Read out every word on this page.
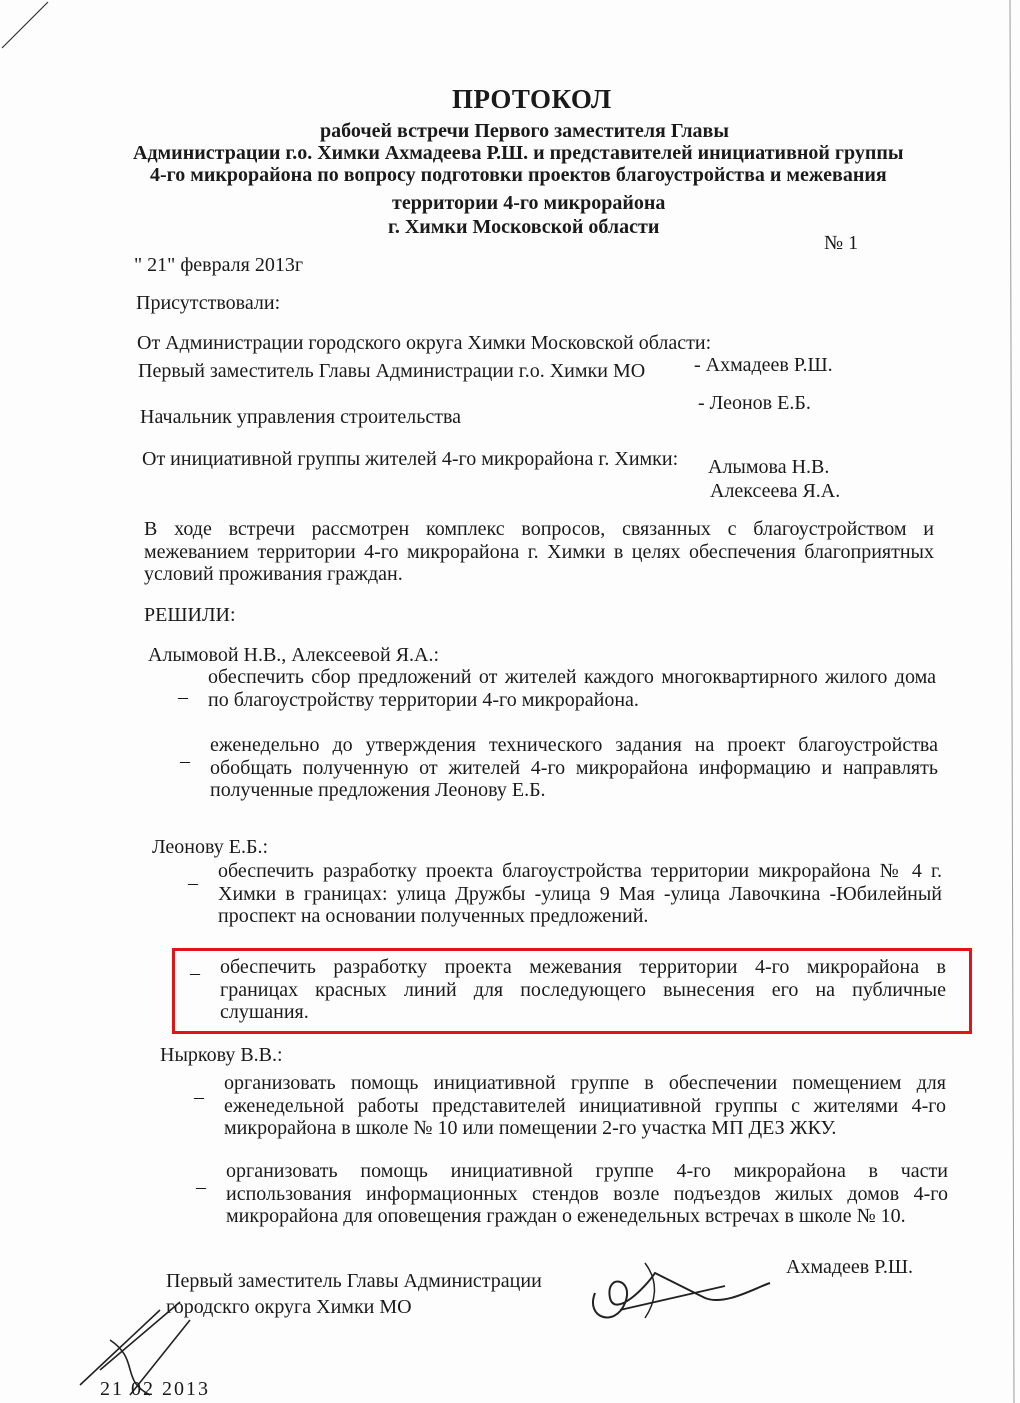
ПРОТОКОЛ
рабочей встречи Первого заместителя Главы
Администрации г.о. Химки Ахмадеева Р.Ш. и представителей инициативной группы
4-го микрорайона по вопросу подготовки проектов благоустройства и межевания
территории 4-го микрорайона
г. Химки Московской области
№ 1
" 21" февраля 2013г
Присутствовали:
От Администрации городского округа Химки Московской области:
Первый заместитель Главы Администрации г.о. Химки МО - Ахмадеев Р.Ш.
Начальник управления строительства
- Леонов Е.Б.
От инициативной группы жителей 4-го микрорайона г. Химки: Алымова Н.В.
Алексеева Я.А.
В ходе встречи рассмотрен комплекс вопросов, связанных с благоустройством и
межеванием территории 4-го микрорайона г. Химки в целях обеспечения благоприятных
условий проживания граждан.
РЕШИЛИ:
Алымовой Н.В., Алексеевой Я.А.:
–
обеспечить сбор предложений от жителей каждого многоквартирного жилого дома
по благоустройству территории 4-го микрорайона.
–
еженедельно до утверждения технического задания на проект благоустройства
обобщать полученную от жителей 4-го микрорайона информацию и направлять
полученные предложения Леонову Е.Б.
Леонову Е.Б.:
–
обеспечить разработку проекта благоустройства территории микрорайона № 4 г.
Химки в границах: улица Дружбы -улица 9 Мая -улица Лавочкина -Юбилейный
проспект на основании полученных предложений.
– обеспечить разработку проекта межевания территории 4-го микрорайона в
границах красных линий для последующего вынесения его на публичные
слушания.
Ныркову В.В.:
–
организовать помощь инициативной группе в обеспечении помещением для
еженедельной работы представителей инициативной группы с жителями 4-го
микрорайона в школе № 10 или помещении 2-го участка МП ДЕЗ ЖКУ.
–
организовать помощь инициативной группе 4-го микрорайона в части
использования информационных стендов возле подъездов жилых домов 4-го
микрорайона для оповещения граждан о еженедельных встречах в школе № 10.
Первый заместитель Главы Администрации
городскго округа Химки МО
Ахмадеев Р.Ш.
21 02 2013
